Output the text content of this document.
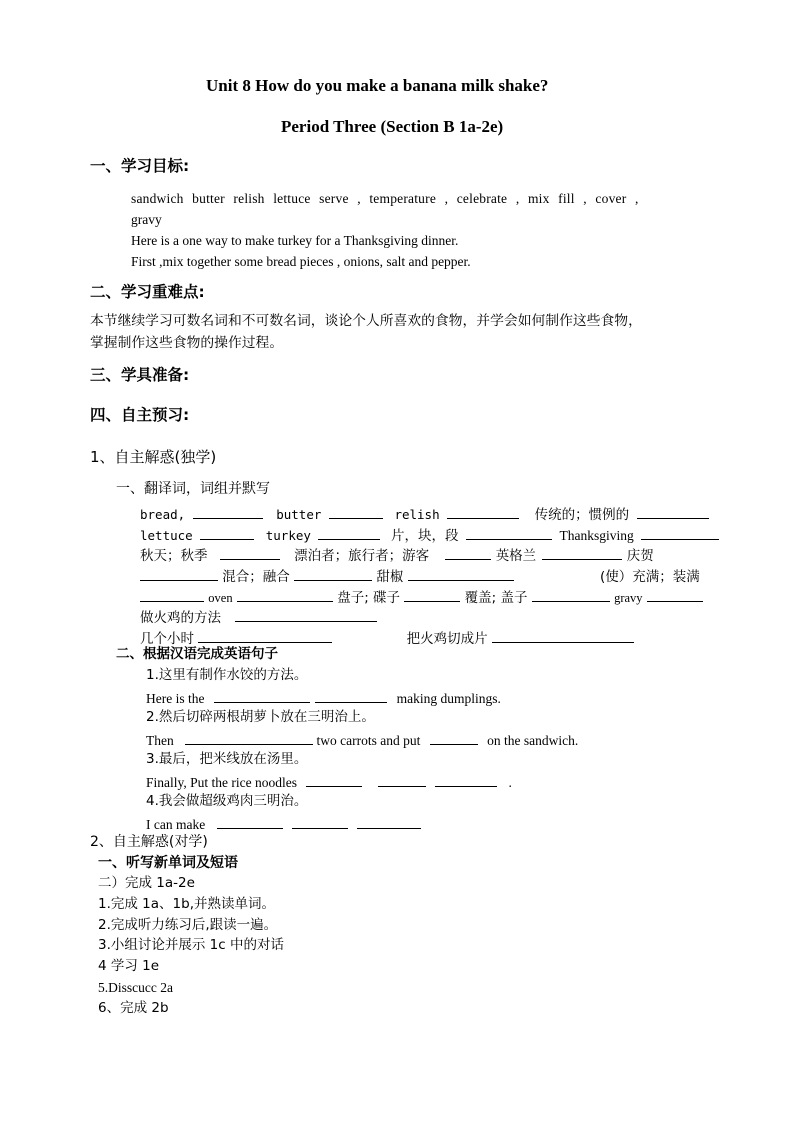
Unit 8 How do you make a banana milk shake?
Period Three (Section B 1a-2e)
一、学习目标:
sandwich butter relish lettuce serve , temperature , celebrate , mix fill , cover ,
gravy
Here is a one way to make turkey for a Thanksgiving dinner.
First ,mix together some bread pieces , onions, salt and pepper.
二、学习重难点:
本节继续学习可数名词和不可数名词，谈论个人所喜欢的食物，并学会如何制作这些食物，
掌握制作这些食物的操作过程。
三、学具准备:
四、自主预习:
1、自主解惑(独学)
一、翻译词，词组并默写
bread,	butter	relish	传统的；惯例的
lettuce	turkey	片，块，段	Thanksgiving
秋天；秋季	漂泊者；旅行者；游客	英格兰	庆贺
混合；融合	甜椒	(使）充满；装满
oven	盘子; 碟子	覆盖; 盖子	gravy
做火鸡的方法
几个小时	把火鸡切成片
二、根据汉语完成英语句子
1.这里有制作水饺的方法。
Here is the	making dumplings.
2.然后切碎两根胡萝卜放在三明治上。
Then	two carrots and put	on the sandwich.
3.最后，把米线放在汤里。
Finally, Put the rice noodles	.
4.我会做超级鸡肉三明治。
I can make
2、自主解惑(对学)
一、听写新单词及短语
二）完成 1a-2e
1.完成 1a、1b,并熟读单词。
2.完成听力练习后,跟读一遍。
3.小组讨论并展示 1c 中的对话
4 学习 1e
5.Disscucc 2a
6、完成 2b
